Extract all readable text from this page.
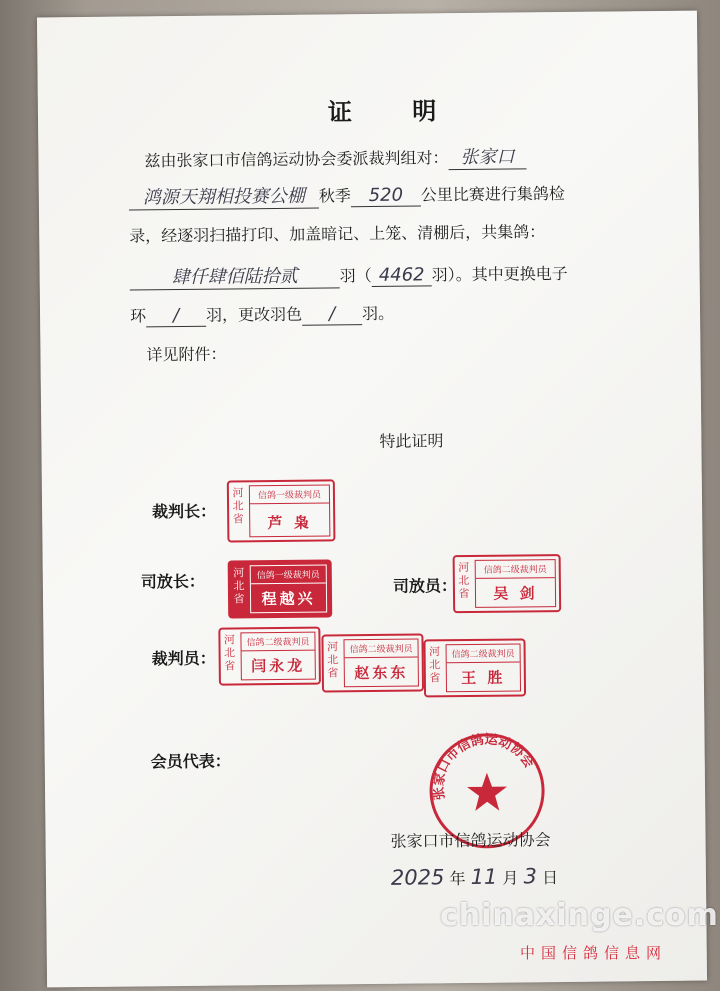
证 明
兹由张家口市信鸽运动协会委派裁判组对： 张家口
鸿源天翔相投赛公棚 秋季 520 公里比赛进行集鸽检
录，经逐羽扫描打印、加盖暗记、上笼、清棚后，共集鸽：
肆仟肆佰陆拾贰	羽（ 4462 羽）。其中更换电子
环 / 羽，更改羽色 / 羽。
详见附件：
特此证明
裁判长：
河北省
信鸽一级裁判员
芦 枭
司放长：	河北省
信鸽一级裁判员
程越兴
司放员：
河北省
信鸽二级裁判员
吴 剑
裁判员：
河北省
信鸽二级裁判员
闫永龙
河北省
信鸽二级裁判员
赵东东
河北省
信鸽二级裁判员
王 胜
会员代表：
张家口市信鸽运动协会
张家口市信鸽运动协会
2025 年 11 月 3 日
chinaxinge.com
中国信鸽信息网
